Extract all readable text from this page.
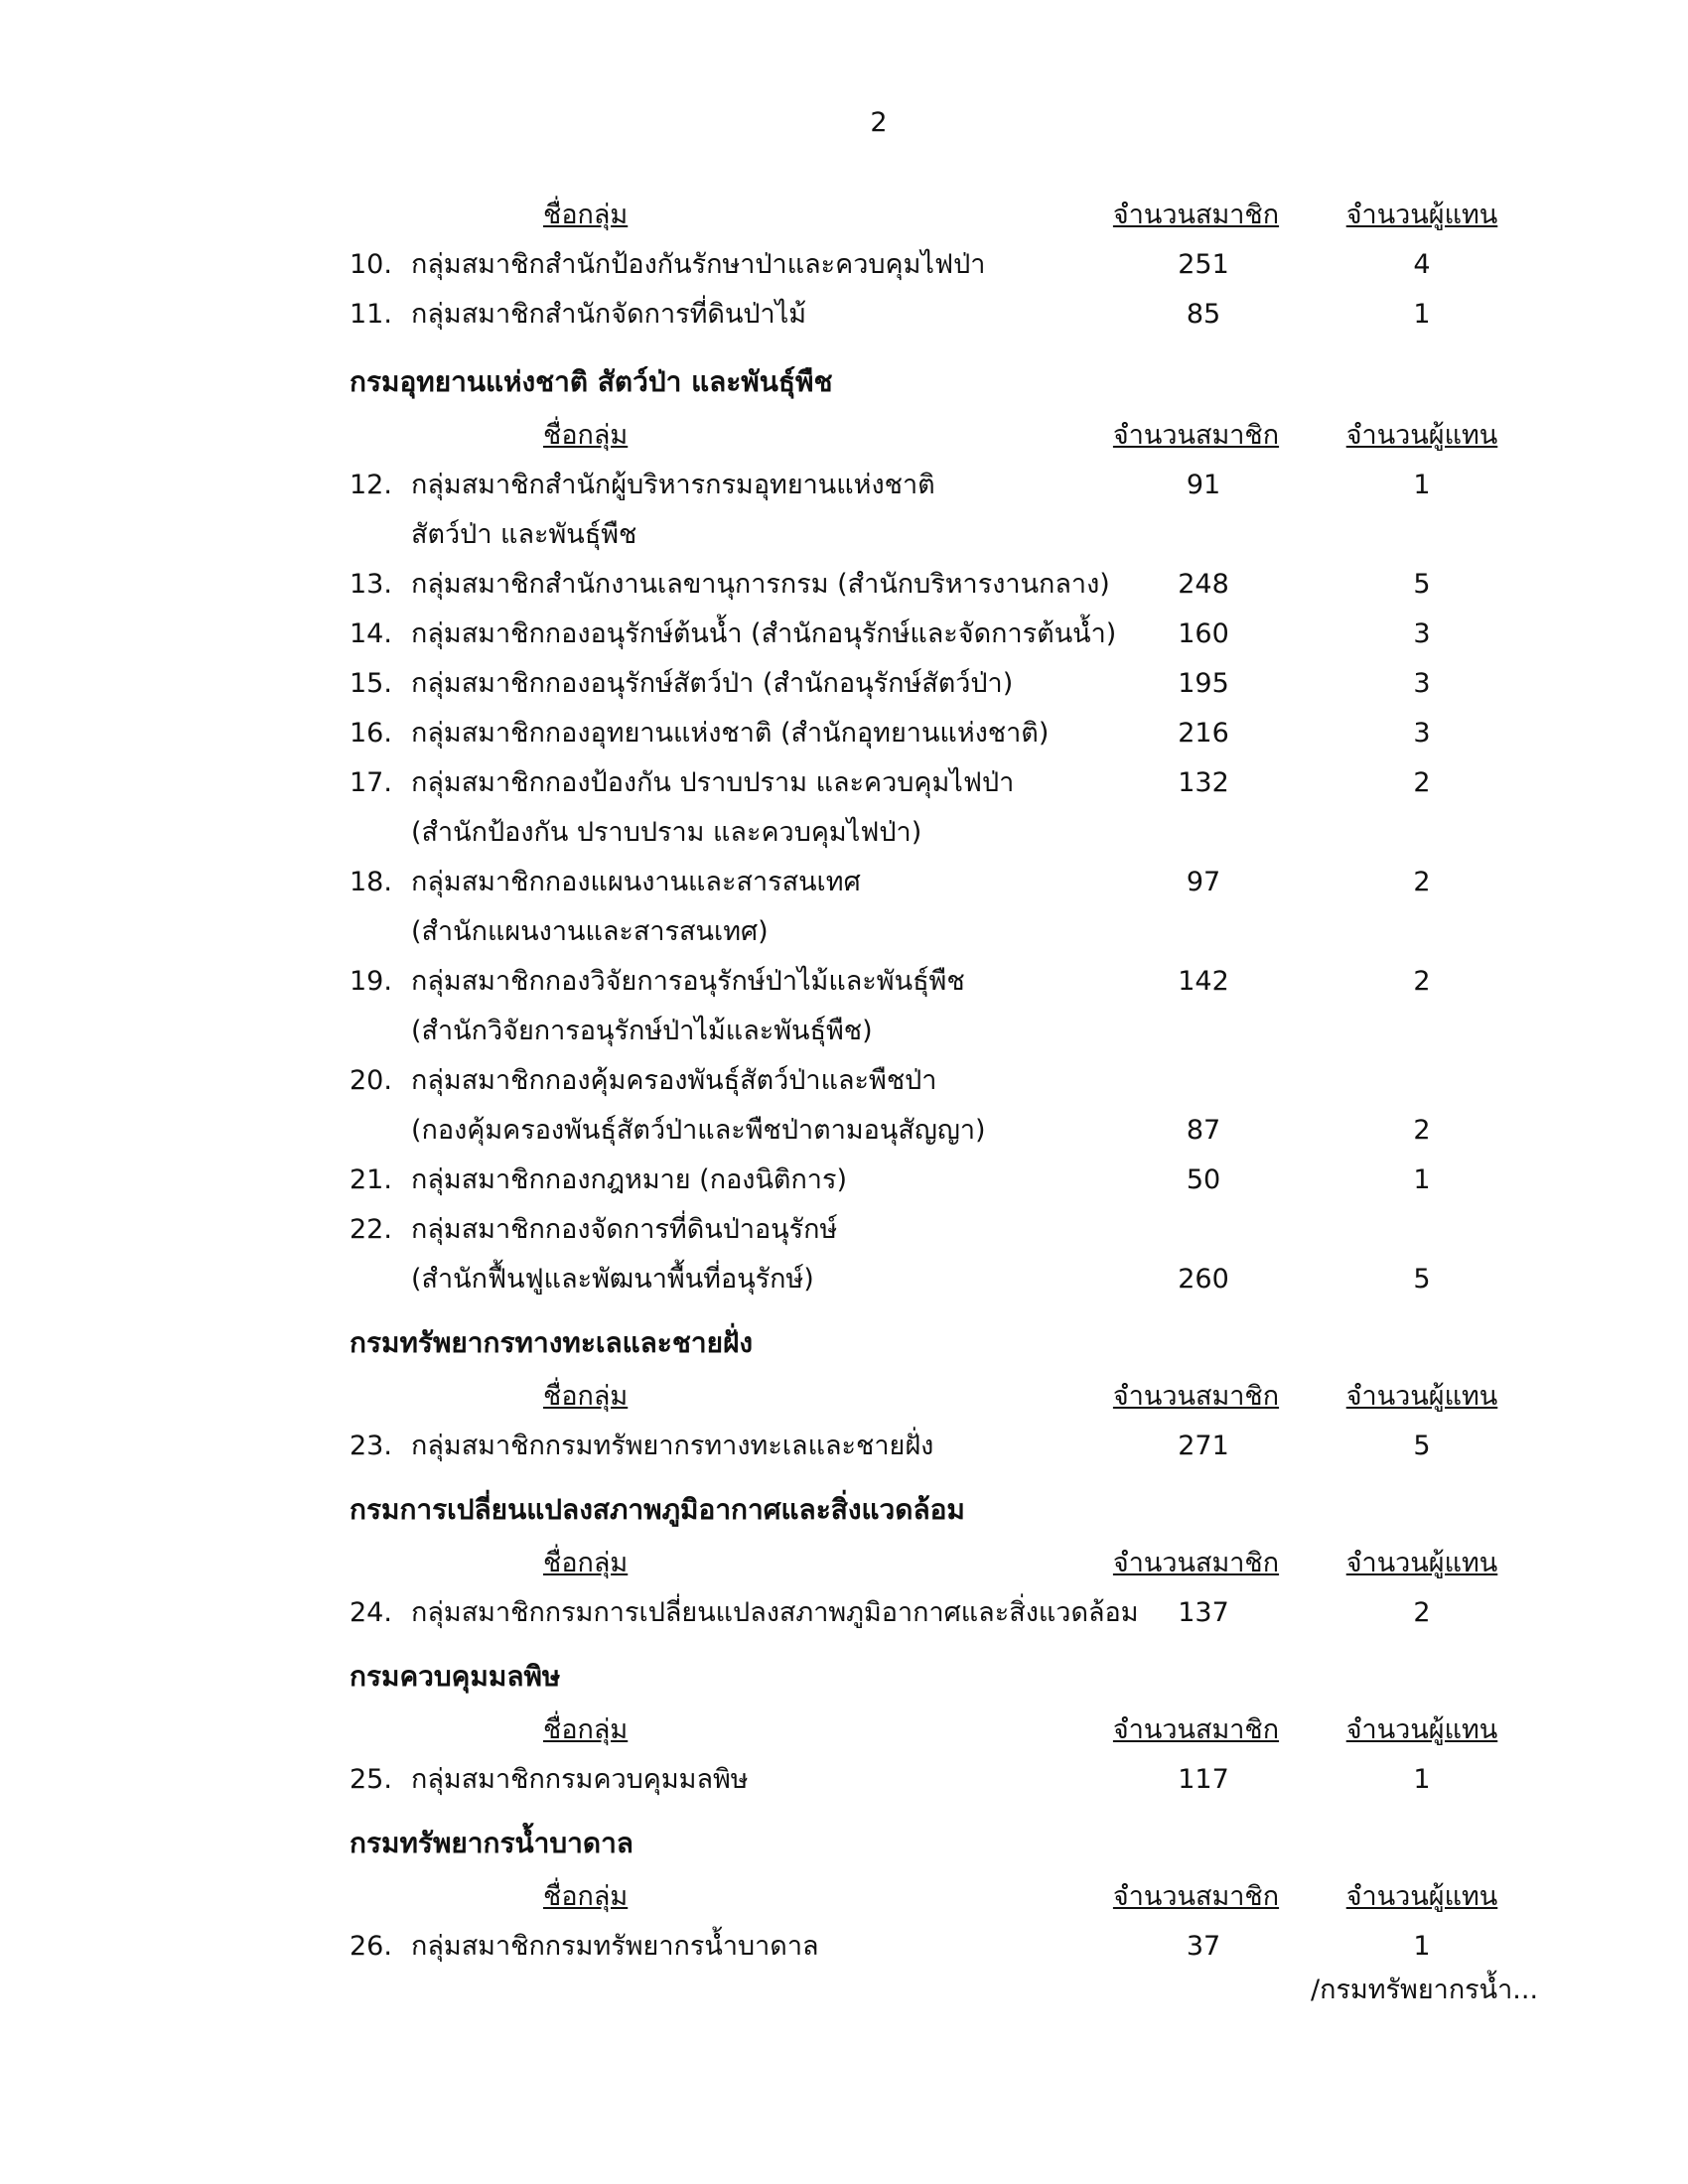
2
ชื่อกลุ่ม	จำนวนสมาชิก	จำนวนผู้แทน
10. กลุ่มสมาชิกสำนักป้องกันรักษาป่าและควบคุมไฟป่า	251	4
11. กลุ่มสมาชิกสำนักจัดการที่ดินป่าไม้	85	1
กรมอุทยานแห่งชาติ สัตว์ป่า และพันธุ์พืช
ชื่อกลุ่ม	จำนวนสมาชิก	จำนวนผู้แทน
12. กลุ่มสมาชิกสำนักผู้บริหารกรมอุทยานแห่งชาติ	91	1
สัตว์ป่า และพันธุ์พืช
13. กลุ่มสมาชิกสำนักงานเลขานุการกรม (สำนักบริหารงานกลาง)	248	5
14. กลุ่มสมาชิกกองอนุรักษ์ต้นน้ำ (สำนักอนุรักษ์และจัดการต้นน้ำ)	160	3
15. กลุ่มสมาชิกกองอนุรักษ์สัตว์ป่า (สำนักอนุรักษ์สัตว์ป่า)	195	3
16. กลุ่มสมาชิกกองอุทยานแห่งชาติ (สำนักอุทยานแห่งชาติ)	216	3
17. กลุ่มสมาชิกกองป้องกัน ปราบปราม และควบคุมไฟป่า	132	2
(สำนักป้องกัน ปราบปราม และควบคุมไฟป่า)
18. กลุ่มสมาชิกกองแผนงานและสารสนเทศ	97	2
(สำนักแผนงานและสารสนเทศ)
19. กลุ่มสมาชิกกองวิจัยการอนุรักษ์ป่าไม้และพันธุ์พืช	142	2
(สำนักวิจัยการอนุรักษ์ป่าไม้และพันธุ์พืช)
20. กลุ่มสมาชิกกองคุ้มครองพันธุ์สัตว์ป่าและพืชป่า
(กองคุ้มครองพันธุ์สัตว์ป่าและพืชป่าตามอนุสัญญา)	87	2
21. กลุ่มสมาชิกกองกฎหมาย (กองนิติการ)	50	1
22. กลุ่มสมาชิกกองจัดการที่ดินป่าอนุรักษ์
(สำนักฟื้นฟูและพัฒนาพื้นที่อนุรักษ์)	260	5
กรมทรัพยากรทางทะเลและชายฝั่ง
ชื่อกลุ่ม	จำนวนสมาชิก	จำนวนผู้แทน
23. กลุ่มสมาชิกกรมทรัพยากรทางทะเลและชายฝั่ง	271	5
กรมการเปลี่ยนแปลงสภาพภูมิอากาศและสิ่งแวดล้อม
ชื่อกลุ่ม	จำนวนสมาชิก	จำนวนผู้แทน
24. กลุ่มสมาชิกกรมการเปลี่ยนแปลงสภาพภูมิอากาศและสิ่งแวดล้อม	137	2
กรมควบคุมมลพิษ
ชื่อกลุ่ม	จำนวนสมาชิก	จำนวนผู้แทน
25. กลุ่มสมาชิกกรมควบคุมมลพิษ	117	1
กรมทรัพยากรน้ำบาดาล
ชื่อกลุ่ม	จำนวนสมาชิก	จำนวนผู้แทน
26. กลุ่มสมาชิกกรมทรัพยากรน้ำบาดาล	37	1
/กรมทรัพยากรน้ำ...
